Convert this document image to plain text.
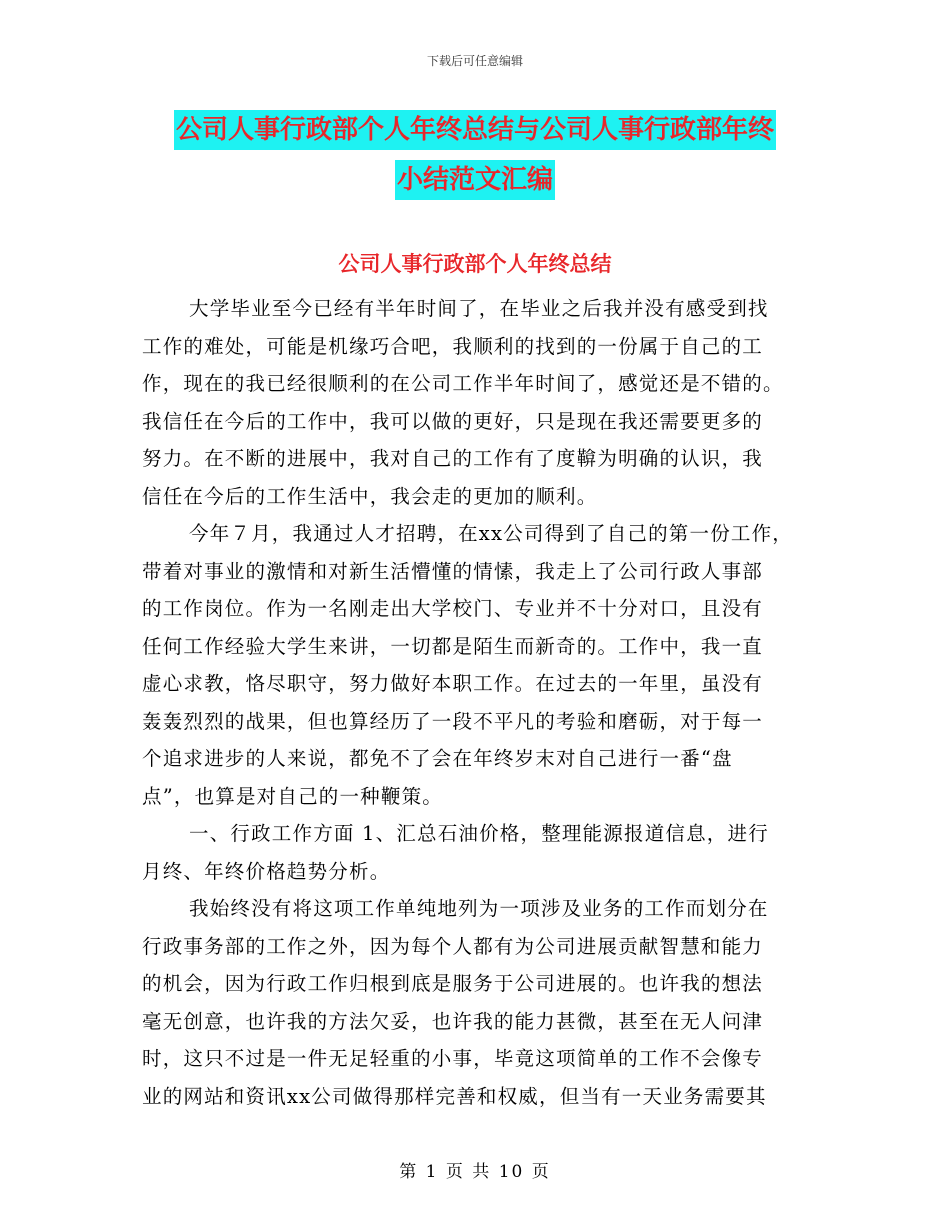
下载后可任意编辑
公司人事行政部个人年终总结与公司人事行政部年终
小结范文汇编
公司人事行政部个人年终总结
大学毕业至今已经有半年时间了，在毕业之后我并没有感受到找
工作的难处，可能是机缘巧合吧，我顺利的找到的一份属于自己的工
作，现在的我已经很顺利的在公司工作半年时间了，感觉还是不错的。
我信任在今后的工作中，我可以做的更好，只是现在我还需要更多的
努力。在不断的进展中，我对自己的工作有了度鞥为明确的认识，我
信任在今后的工作生活中，我会走的更加的顺利。
今年７月，我通过人才招聘，在xx公司得到了自己的第一份工作，
带着对事业的激情和对新生活懵懂的情愫，我走上了公司行政人事部
的工作岗位。作为一名刚走出大学校门、专业并不十分对口，且没有
任何工作经验大学生来讲，一切都是陌生而新奇的。工作中，我一直
虚心求教，恪尽职守，努力做好本职工作。在过去的一年里，虽没有
轰轰烈烈的战果，但也算经历了一段不平凡的考验和磨砺，对于每一
个追求进步的人来说，都免不了会在年终岁末对自己进行一番“盘
点”，也算是对自己的一种鞭策。
一、行政工作方面 1、汇总石油价格，整理能源报道信息，进行
月终、年终价格趋势分析。
我始终没有将这项工作单纯地列为一项涉及业务的工作而划分在
行政事务部的工作之外，因为每个人都有为公司进展贡献智慧和能力
的机会，因为行政工作归根到底是服务于公司进展的。也许我的想法
毫无创意，也许我的方法欠妥，也许我的能力甚微，甚至在无人问津
时，这只不过是一件无足轻重的小事，毕竟这项简单的工作不会像专
业的网站和资讯xx公司做得那样完善和权威，但当有一天业务需要其
第 1 页 共 10 页
